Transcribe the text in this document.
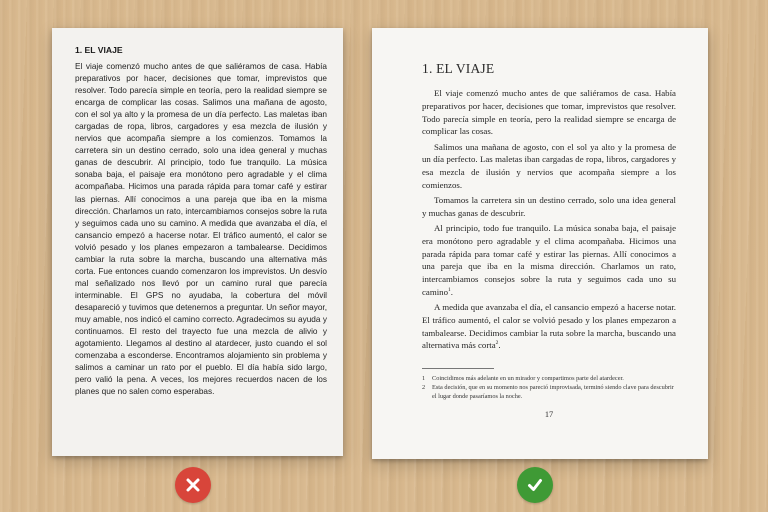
1. EL VIAJE

El viaje comenzó mucho antes de que saliéramos de casa. Había preparativos por hacer, decisiones que tomar, imprevistos que resolver. Todo parecía simple en teoría, pero la realidad siempre se encarga de complicar las cosas. Salimos una mañana de agosto, con el sol ya alto y la promesa de un día perfecto. Las maletas iban cargadas de ropa, libros, cargadores y esa mezcla de ilusión y nervios que acompaña siempre a los comienzos. Tomamos la carretera sin un destino cerrado, solo una idea general y muchas ganas de descubrir. Al principio, todo fue tranquilo. La música sonaba baja, el paisaje era monótono pero agradable y el clima acompañaba. Hicimos una parada rápida para tomar café y estirar las piernas. Allí conocimos a una pareja que iba en la misma dirección. Charlamos un rato, intercambiamos consejos sobre la ruta y seguimos cada uno su camino. A medida que avanzaba el día, el cansancio empezó a hacerse notar. El tráfico aumentó, el calor se volvió pesado y los planes empezaron a tambalearse. Decidimos cambiar la ruta sobre la marcha, buscando una alternativa más corta. Fue entonces cuando comenzaron los imprevistos. Un desvío mal señalizado nos llevó por un camino rural que parecía interminable. El GPS no ayudaba, la cobertura del móvil desapareció y tuvimos que detenernos a preguntar. Un señor mayor, muy amable, nos indicó el camino correcto. Agradecimos su ayuda y continuamos. El resto del trayecto fue una mezcla de alivio y agotamiento. Llegamos al destino al atardecer, justo cuando el sol comenzaba a esconderse. Encontramos alojamiento sin problema y salimos a caminar un rato por el pueblo. El día había sido largo, pero valió la pena. A veces, los mejores recuerdos nacen de los planes que no salen como esperabas.

1. EL VIAJE

El viaje comenzó mucho antes de que saliéramos de casa. Había preparativos por hacer, decisiones que tomar, imprevistos que resolver. Todo parecía simple en teoría, pero la realidad siempre se encarga de complicar las cosas.

Salimos una mañana de agosto, con el sol ya alto y la promesa de un día perfecto. Las maletas iban cargadas de ropa, libros, cargadores y esa mezcla de ilusión y nervios que acompaña siempre a los comienzos.

Tomamos la carretera sin un destino cerrado, solo una idea general y muchas ganas de descubrir.

Al principio, todo fue tranquilo. La música sonaba baja, el paisaje era monótono pero agradable y el clima acompañaba. Hicimos una parada rápida para tomar café y estirar las piernas. Allí conocimos a una pareja que iba en la misma dirección. Charlamos un rato, intercambiamos consejos sobre la ruta y seguimos cada uno su camino$^1$.

A medida que avanzaba el día, el cansancio empezó a hacerse notar. El tráfico aumentó, el calor se volvió pesado y los planes empezaron a tambalearse. Decidimos cambiar la ruta sobre la marcha, buscando una alternativa más corta$^2$.

1	Coincidimos más adelante en un mirador y compartimos parte del atardecer.
2	Esta decisión, que en su momento nos pareció improvisada, terminó siendo clave para descubrir el lugar donde pasaríamos la noche.
17
